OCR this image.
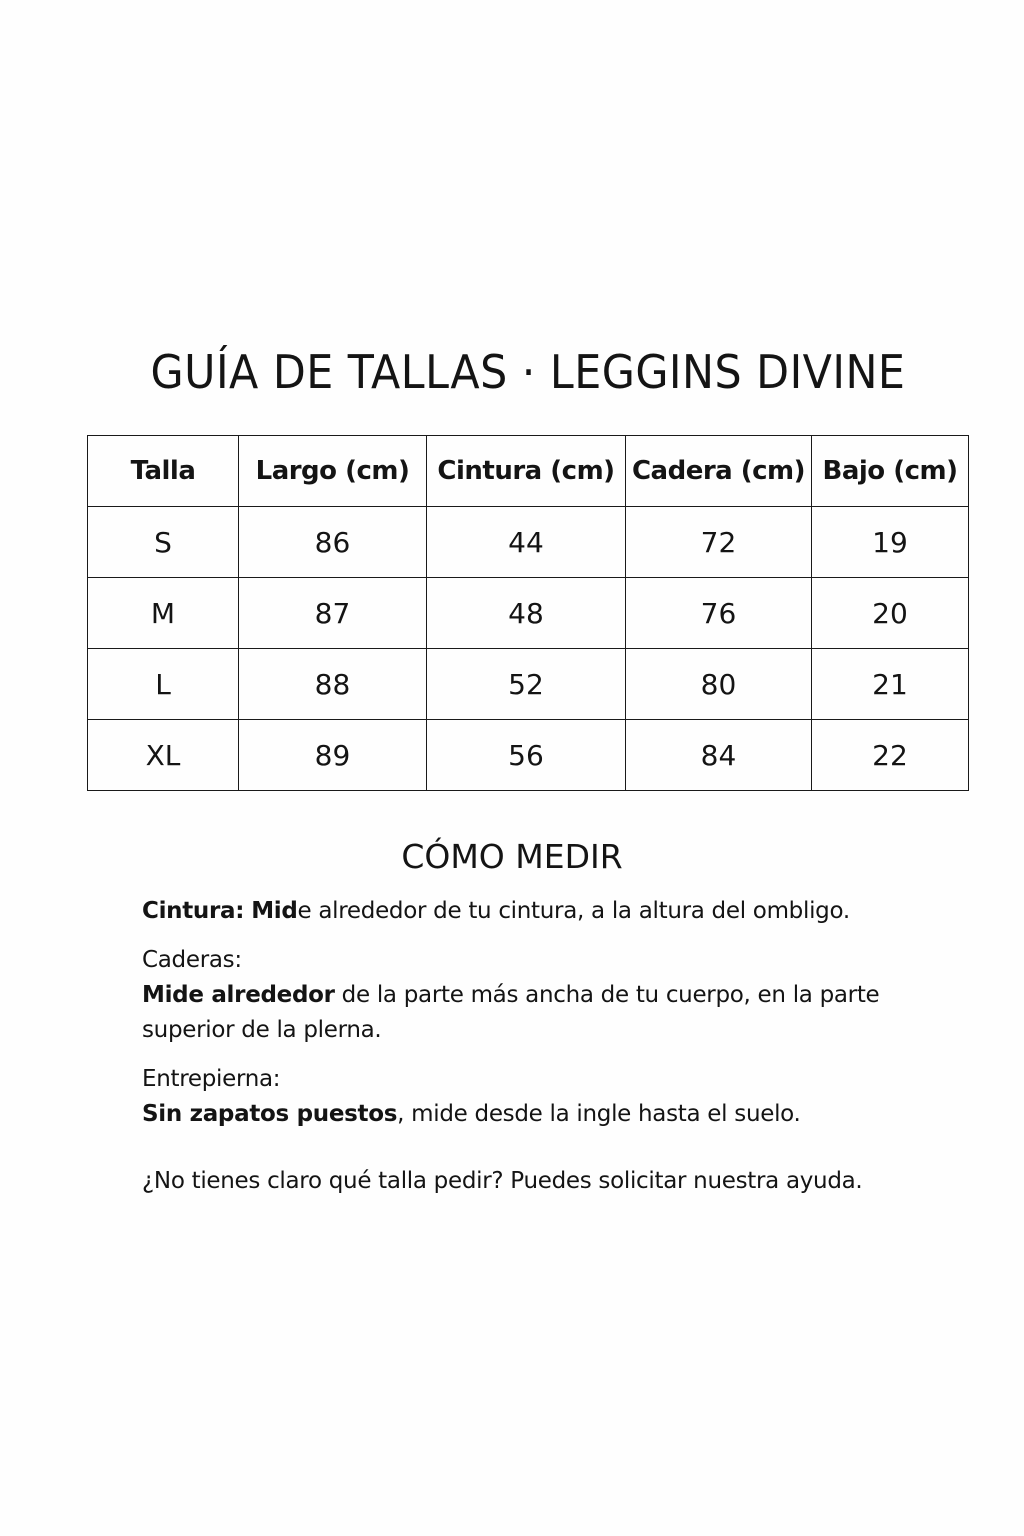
GUÍA DE TALLAS · LEGGINS DIVINE
Talla	Largo (cm)	Cintura (cm)	Cadera (cm)	Bajo (cm)
S	86	44	72	19
M	87	48	76	20
L	88	52	80	21
XL	89	56	84	22
CÓMO MEDIR

Cintura: Mide alrededor de tu cintura, a la altura del ombligo.

Caderas:

Mide alrededor de la parte más ancha de tu cuerpo, en la parte superior de la plerna.

Entrepierna:

Sin zapatos puestos, mide desde la ingle hasta el suelo.

¿No tienes claro qué talla pedir? Puedes solicitar nuestra ayuda.
